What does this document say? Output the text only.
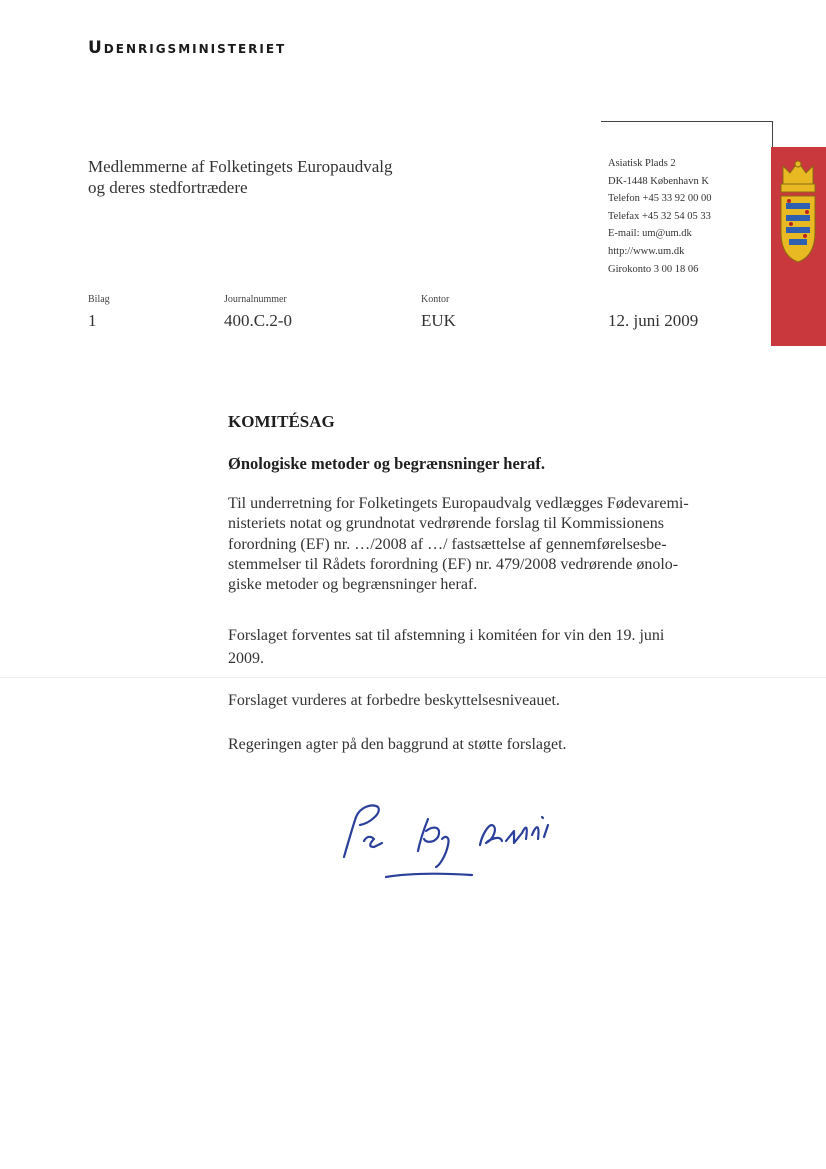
Udenrigsministeriet
Medlemmerne af Folketingets Europaudvalg
og deres stedfortrædere
Asiatisk Plads 2
DK-1448 København K
Telefon +45 33 92 00 00
Telefax +45 32 54 05 33
E-mail: um@um.dk
http://www.um.dk
Girokonto 3 00 18 06
Bilag
1
Journalnummer
400.C.2-0
Kontor
EUK	12. juni 2009
KOMITÉSAG
Ønologiske metoder og begrænsninger heraf.
Til underretning for Folketingets Europaudvalg vedlægges Fødevaremi-
nisteriets notat og grundnotat vedrørende forslag til Kommissionens
forordning (EF) nr. …/2008 af …/ fastsættelse af gennemførelsesbe-
stemmelser til Rådets forordning (EF) nr. 479/2008 vedrørende ønolo-
giske metoder og begrænsninger heraf.
Forslaget forventes sat til afstemning i komitéen for vin den 19. juni
2009.
Forslaget vurderes at forbedre beskyttelsesniveauet.
Regeringen agter på den baggrund at støtte forslaget.
